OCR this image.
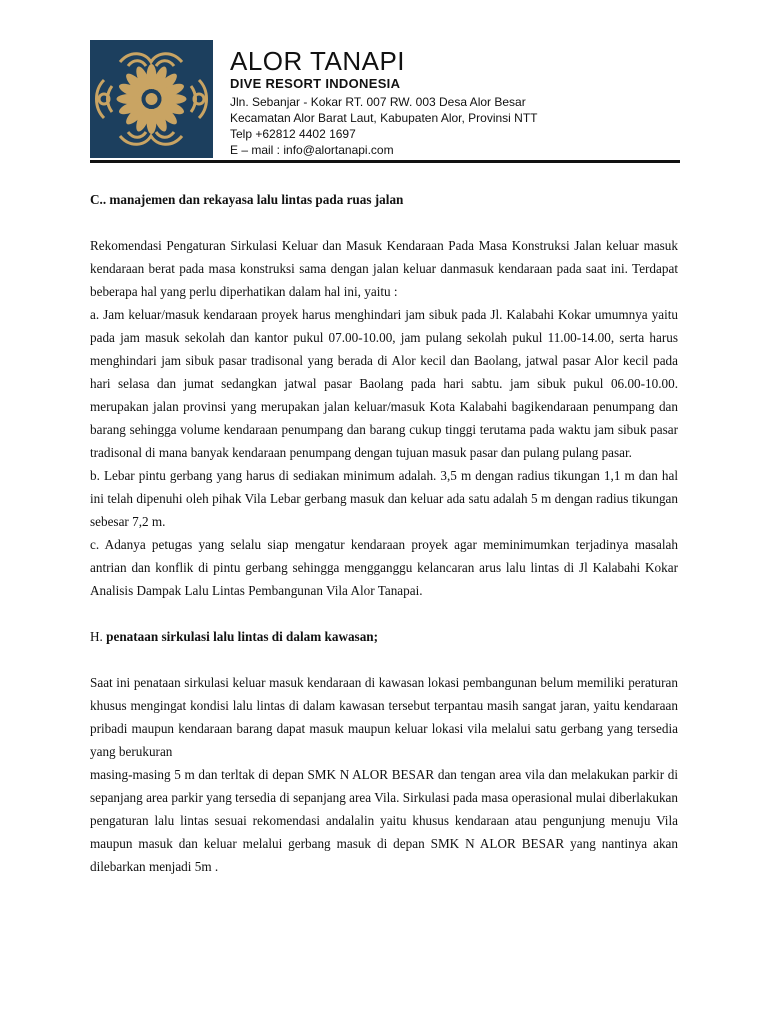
ALOR TANAPI
DIVE RESORT INDONESIA
Jln. Sebanjar - Kokar RT. 007 RW. 003 Desa Alor Besar
Kecamatan Alor Barat Laut, Kabupaten Alor, Provinsi NTT
Telp +62812 4402 1697
E – mail : info@alortanapi.com

C.. manajemen dan rekayasa lalu lintas pada ruas jalan

Rekomendasi Pengaturan Sirkulasi Keluar dan Masuk Kendaraan Pada Masa Konstruksi Jalan keluar masuk kendaraan berat pada masa konstruksi sama dengan jalan keluar danmasuk kendaraan pada saat ini. Terdapat beberapa hal yang perlu diperhatikan dalam hal ini, yaitu :

a. Jam keluar/masuk kendaraan proyek harus menghindari jam sibuk pada Jl. Kalabahi Kokar umumnya yaitu pada jam masuk sekolah dan kantor pukul 07.00-10.00, jam pulang sekolah pukul 11.00-14.00, serta harus menghindari jam sibuk pasar tradisonal yang berada di Alor kecil dan Baolang, jatwal pasar Alor kecil pada hari selasa dan jumat sedangkan jatwal pasar Baolang pada hari sabtu. jam sibuk pukul 06.00-10.00. merupakan jalan provinsi yang merupakan jalan keluar/masuk Kota Kalabahi bagikendaraan penumpang dan barang sehingga volume kendaraan penumpang dan barang cukup tinggi terutama pada waktu jam sibuk pasar tradisonal di mana banyak kendaraan penumpang dengan tujuan masuk pasar dan pulang pulang pasar.

b. Lebar pintu gerbang yang harus di sediakan minimum adalah. 3,5 m dengan radius tikungan 1,1 m dan hal ini telah dipenuhi oleh pihak Vila Lebar gerbang masuk dan keluar ada satu adalah 5 m dengan radius tikungan sebesar 7,2 m.

c. Adanya petugas yang selalu siap mengatur kendaraan proyek agar meminimumkan terjadinya masalah antrian dan konflik di pintu gerbang sehingga mengganggu kelancaran arus lalu lintas di Jl Kalabahi Kokar Analisis Dampak Lalu Lintas Pembangunan Vila Alor Tanapai.

H. penataan sirkulasi lalu lintas di dalam kawasan;

Saat ini penataan sirkulasi keluar masuk kendaraan di kawasan lokasi pembangunan belum memiliki peraturan khusus mengingat kondisi lalu lintas di dalam kawasan tersebut terpantau masih sangat jaran, yaitu kendaraan pribadi maupun kendaraan barang dapat masuk maupun keluar lokasi vila melalui satu gerbang yang tersedia yang berukuran

masing-masing 5 m dan terltak di depan SMK N ALOR BESAR dan tengan area vila dan melakukan parkir di sepanjang area parkir yang tersedia di sepanjang area Vila. Sirkulasi pada masa operasional mulai diberlakukan pengaturan lalu lintas sesuai rekomendasi andalalin yaitu khusus kendaraan atau pengunjung menuju Vila maupun masuk dan keluar melalui gerbang masuk di depan SMK N ALOR BESAR yang nantinya akan dilebarkan menjadi 5m .
